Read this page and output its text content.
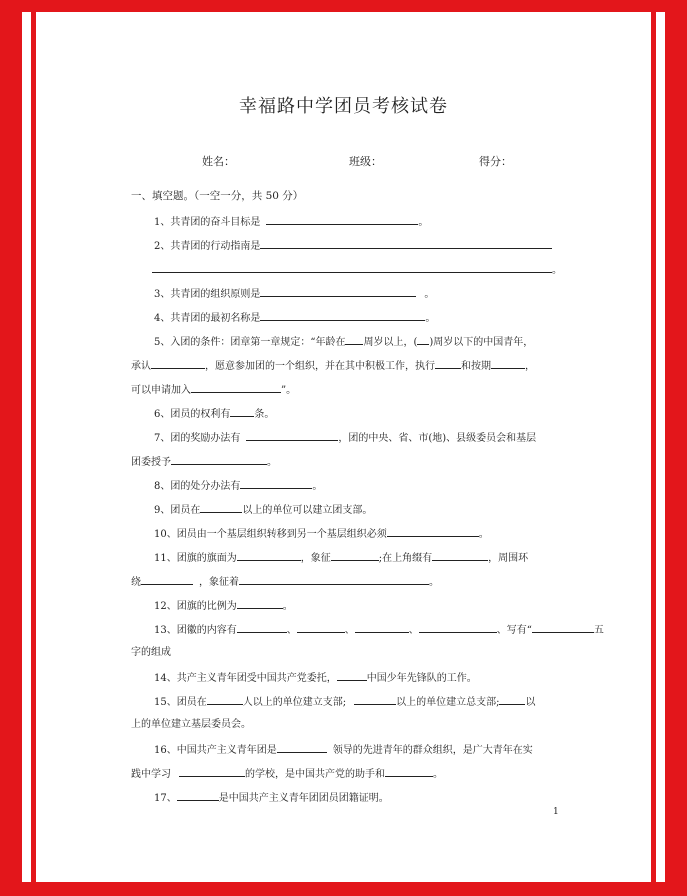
幸福路中学团员考核试卷
姓名：	班级：	得分：
一、填空题。（一空一分，共 50 分）
1、共青团的奋斗目标是	。
2、共青团的行动指南是
。
3、共青团的组织原则是	。
4、共青团的最初名称是	。
5、入团的条件：团章第一章规定：“年龄在 周岁以上，( )周岁以下的中国青年，
承认	，愿意参加团的一个组织，并在其中积极工作，执行	和按期	，
可以申请加入	”。
6、团员的权利有 条。
7、团的奖励办法有	，团的中央、省、市(地)、县级委员会和基层
团委授予	。
8、团的处分办法有	。
9、团员在	以上的单位可以建立团支部。
10、团员由一个基层组织转移到另一个基层组织必须	。
11、团旗的旗面为	，象征	;在上角缀有	，周围环
绕	，象征着	。
12、团旗的比例为	。
13、团徽的内容有	、	、	、	、写有“	五
字的组成
14、共产主义青年团受中国共产党委托，	中国少年先锋队的工作。
15、团员在	人以上的单位建立支部;	以上的单位建立总支部;	以
上的单位建立基层委员会。
16、中国共产主义青年团是	领导的先进青年的群众组织，是广大青年在实
践中学习	的学校，是中国共产党的助手和	。
17、	是中国共产主义青年团团员团籍证明。
1
